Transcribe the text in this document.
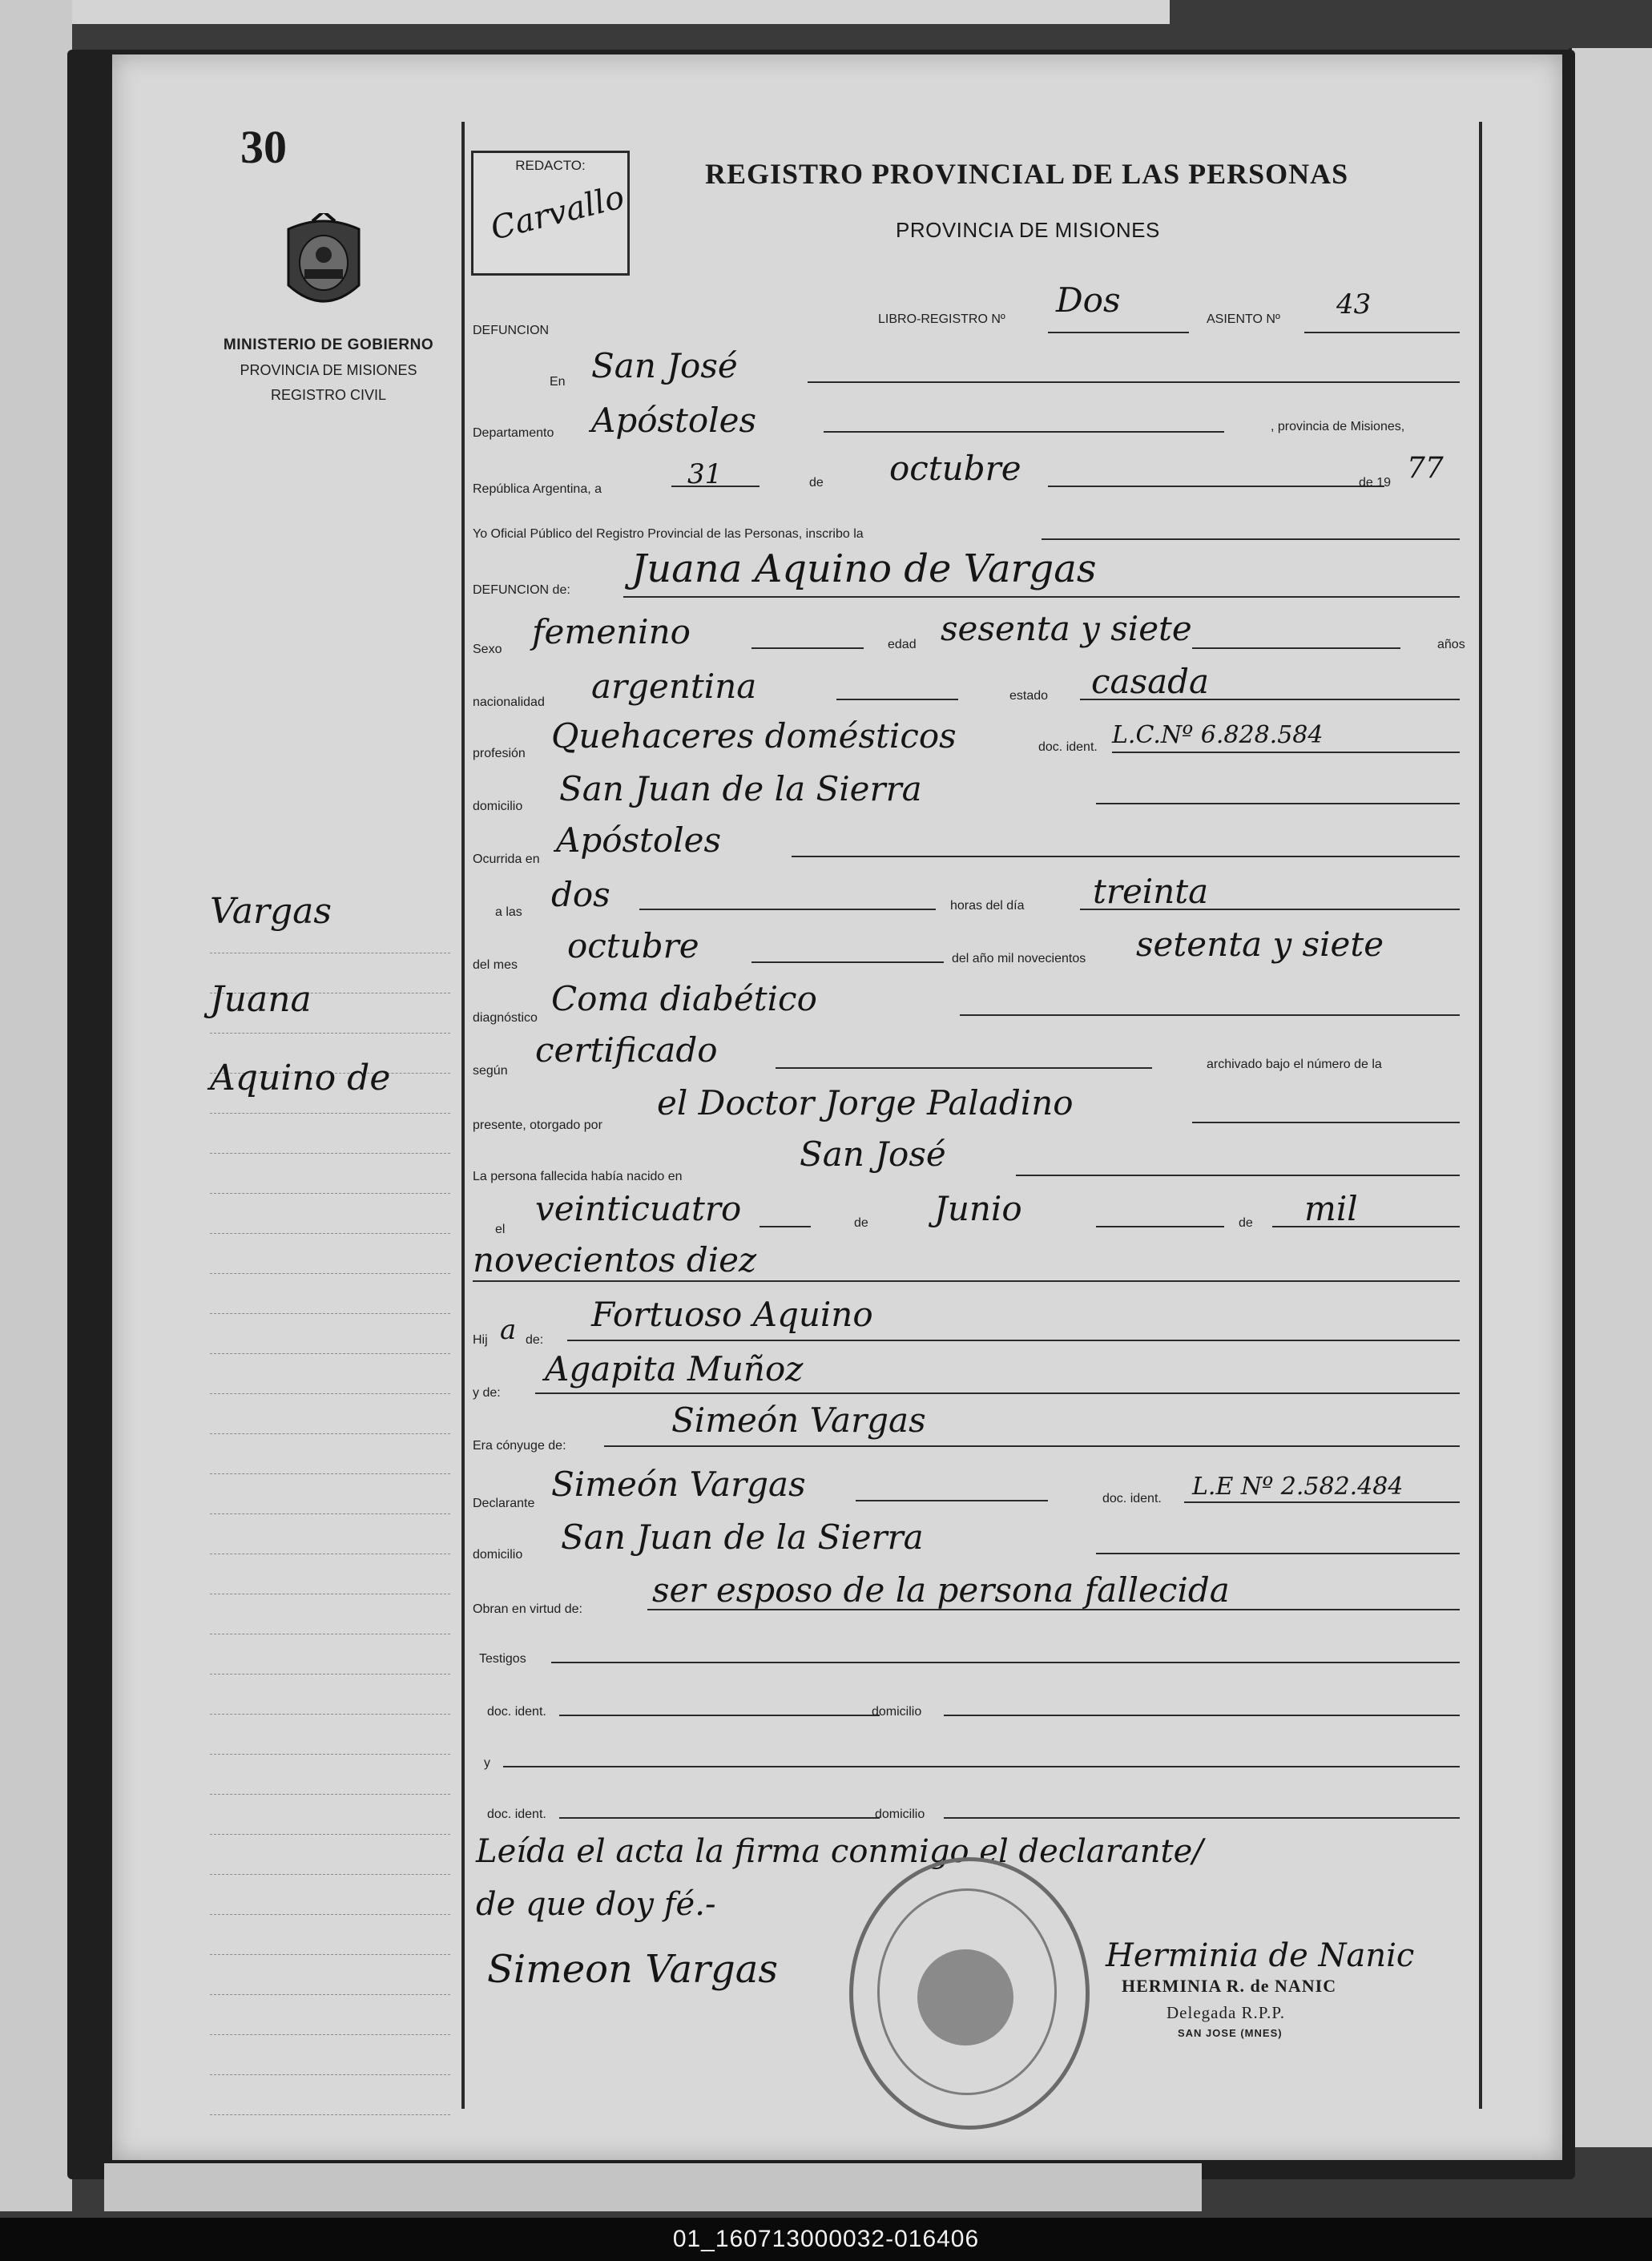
30
MINISTERIO DE GOBIERNO
PROVINCIA DE MISIONES
REGISTRO CIVIL
Vargas
Juana
Aquino de
REDACTO:
Carvallo
REGISTRO PROVINCIAL DE LAS PERSONAS
PROVINCIA DE MISIONES
DEFUNCION
LIBRO-REGISTRO Nº Dos	ASIENTO Nº 43
En San José
Departamento Apóstoles	, provincia de Misiones,
República Argentina, a	31	de octubre	de 19 77
Yo Oficial Público del Registro Provincial de las Personas, inscribo la
DEFUNCION de: Juana Aquino de Vargas
Sexo femenino	edad sesenta y siete	años
nacionalidad argentina	estado casada
profesión Quehaceres domésticos	doc. ident. L.C.Nº 6.828.584
domicilio San Juan de la Sierra
Ocurrida en Apóstoles
a las dos	horas del día treinta
del mes octubre	del año mil novecientos setenta y siete
diagnóstico Coma diabético
según
certificado	archivado bajo el número de la
presente, otorgado por
el Doctor Jorge Paladino
La persona fallecida había nacido en
San José
el
veinticuatro	de Junio	de mil
novecientos diez
Hij a de:
Fortuoso Aquino
y de:
Agapita Muñoz
Era cónyuge de:
Simeón Vargas
Declarante Simeón Vargas	doc. ident. L.E Nº 2.582.484
domicilio San Juan de la Sierra
Obran en virtud de: ser esposo de la persona fallecida
Testigos
doc. ident.	domicilio
y
doc. ident.	domicilio
Leída el acta la firma conmigo el declarante/
de que doy fé.-
Simeon Vargas	Herminia de Nanic
HERMINIA R. de NANIC
Delegada R.P.P.
SAN JOSE (MNES)
01_160713000032-016406
